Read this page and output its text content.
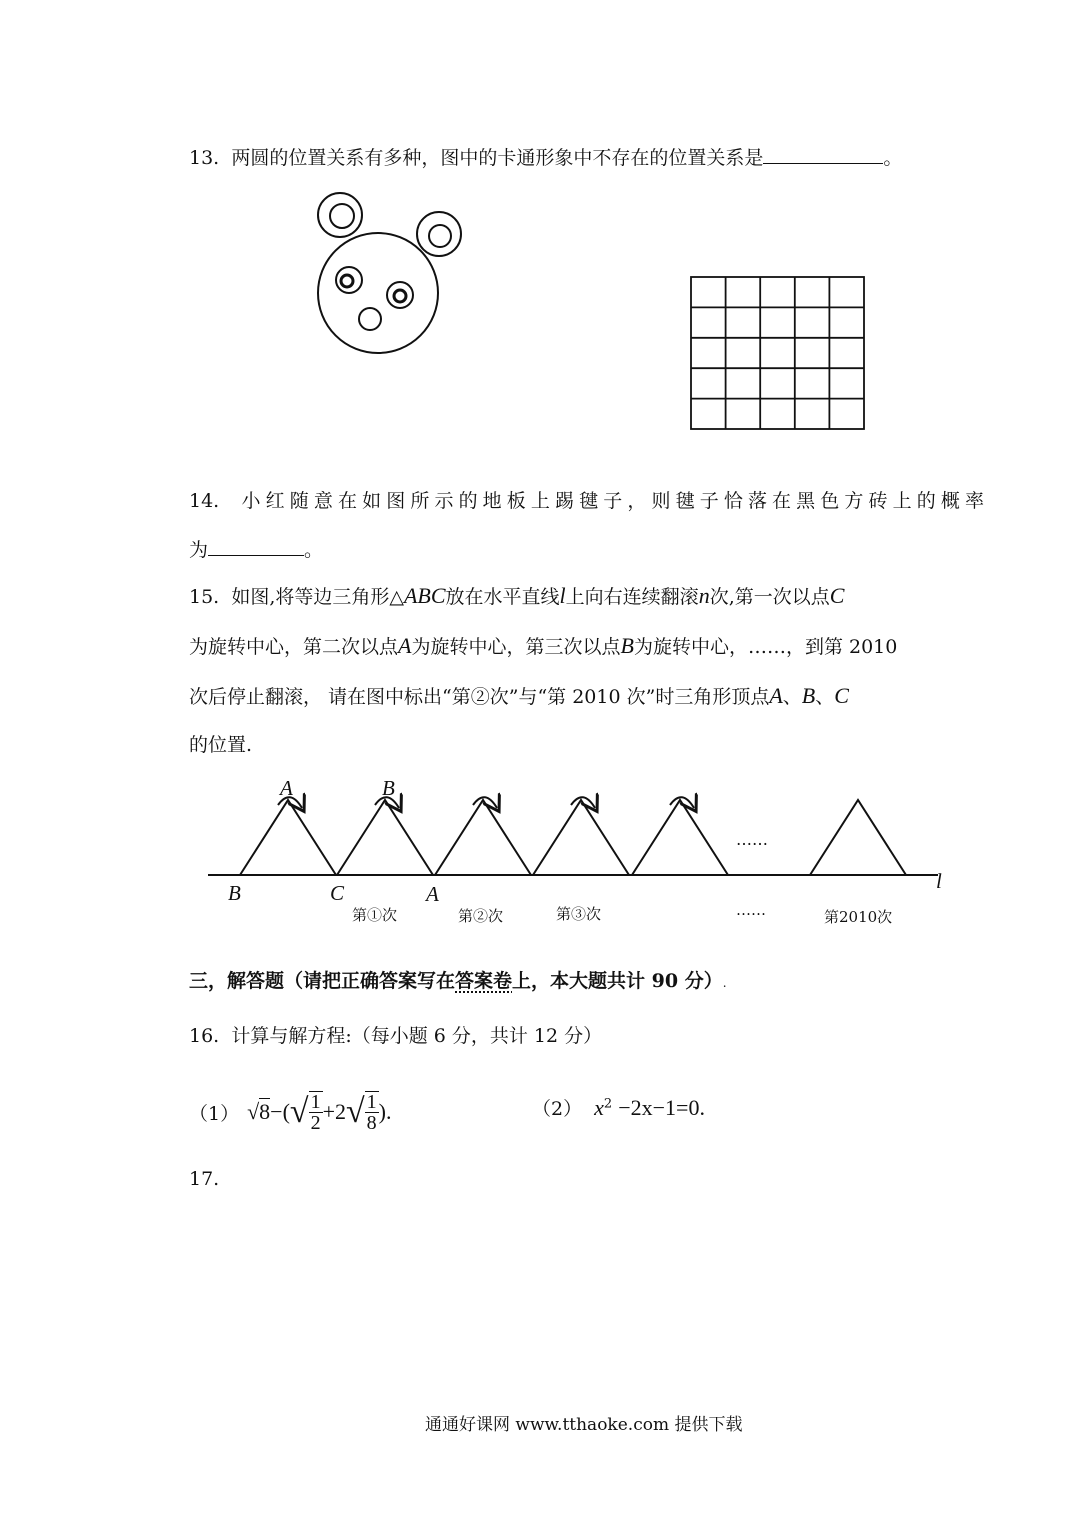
13. 两圆的位置关系有多种，图中的卡通形象中不存在的位置关系是	。
14. 小红随意在如图所示的地板上踢毽子，则毽子恰落在黑色方砖上的概率
为	。
15. 如图,将等边三角形△ABC放在水平直线l上向右连续翻滚n次,第一次以点C
为旋转中心，第二次以点A为旋转中心，第三次以点B为旋转中心，……，到第 2010
次后停止翻滚， 请在图中标出“第②次”与“第 2010 次”时三角形顶点A、B、C
的位置.
A	B
B	C	A
l
……
第①次	第②次	第③次	……	第2010次
三，解答题（请把正确答案写在答案卷上，本大题共计 90 分）.
16. 计算与解方程:（每小题 6 分，共计 12 分）
（1） √8 −( √ $\frac{1}{2} +2$ √ $\frac{1}{8}$ ).	（2） $x^2 -2x-1=0$.
17.
通通好课网 www.tthaoke.com 提供下载
